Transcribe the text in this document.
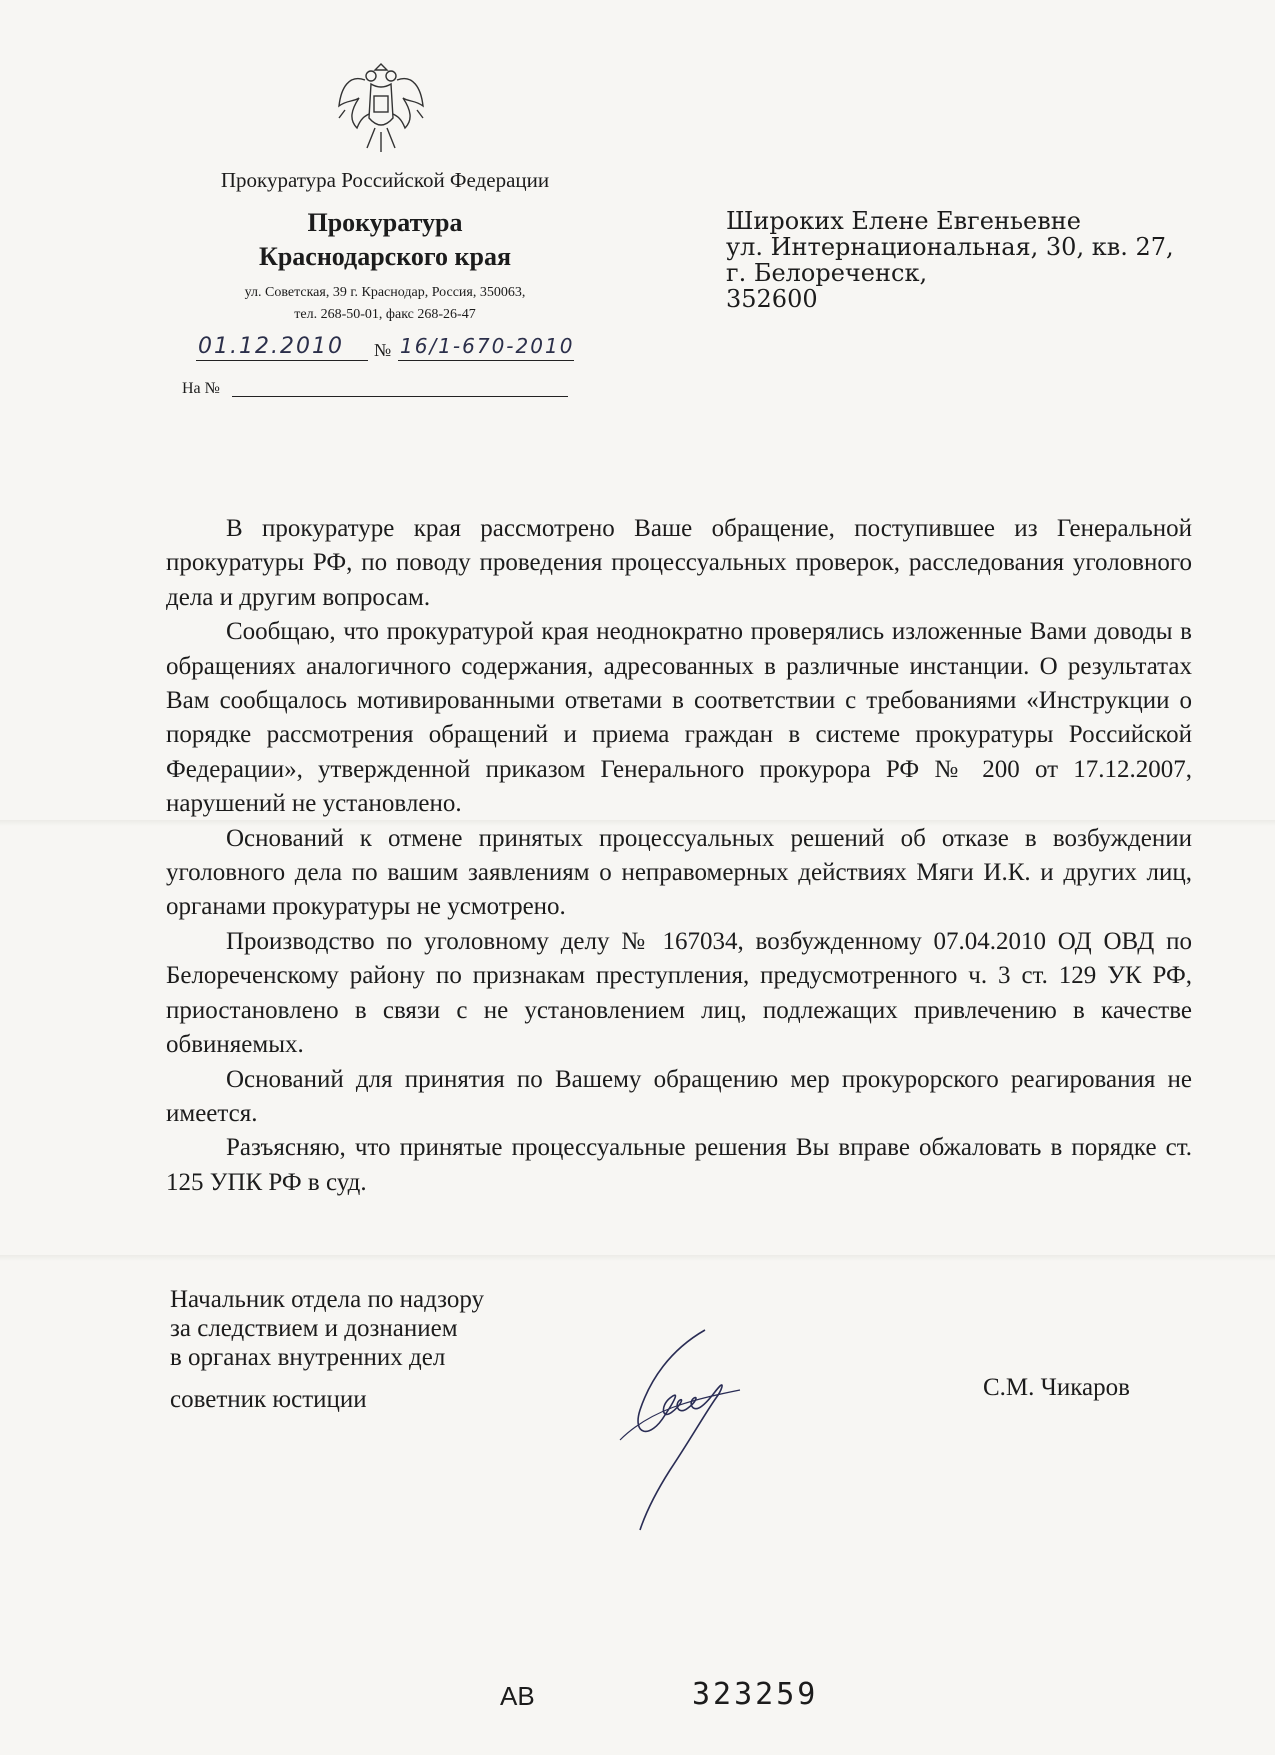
Прокуратура Российской Федерации
Прокуратура
Краснодарского края
ул. Советская, 39 г. Краснодар, Россия, 350063,
тел. 268-50-01, факс 268-26-47
01.12.2010 № 16/1-670-2010
На №
Широких Елене Евгеньевне
ул. Интернациональная, 30, кв. 27,
г. Белореченск,
352600

В прокуратуре края рассмотрено Ваше обращение, поступившее из Генеральной прокуратуры РФ, по поводу проведения процессуальных проверок, расследования уголовного дела и другим вопросам.

Сообщаю, что прокуратурой края неоднократно проверялись изложенные Вами доводы в обращениях аналогичного содержания, адресованных в различные инстанции. О результатах Вам сообщалось мотивированными ответами в соответствии с требованиями «Инструкции о порядке рассмотрения обращений и приема граждан в системе прокуратуры Российской Федерации», утвержденной приказом Генерального прокурора РФ № 200 от 17.12.2007, нарушений не установлено.

Оснований к отмене принятых процессуальных решений об отказе в возбуждении уголовного дела по вашим заявлениям о неправомерных действиях Мяги И.К. и других лиц, органами прокуратуры не усмотрено.

Производство по уголовному делу № 167034, возбужденному 07.04.2010 ОД ОВД по Белореченскому району по признакам преступления, предусмотренного ч. 3 ст. 129 УК РФ, приостановлено в связи с не установлением лиц, подлежащих привлечению в качестве обвиняемых.

Оснований для принятия по Вашему обращению мер прокурорского реагирования не имеется.

Разъясняю, что принятые процессуальные решения Вы вправе обжаловать в порядке ст. 125 УПК РФ в суд.

Начальник отдела по надзору
за следствием и дознанием
в органах внутренних дел
советник юстиции	С.М. Чикаров
АВ	323259
